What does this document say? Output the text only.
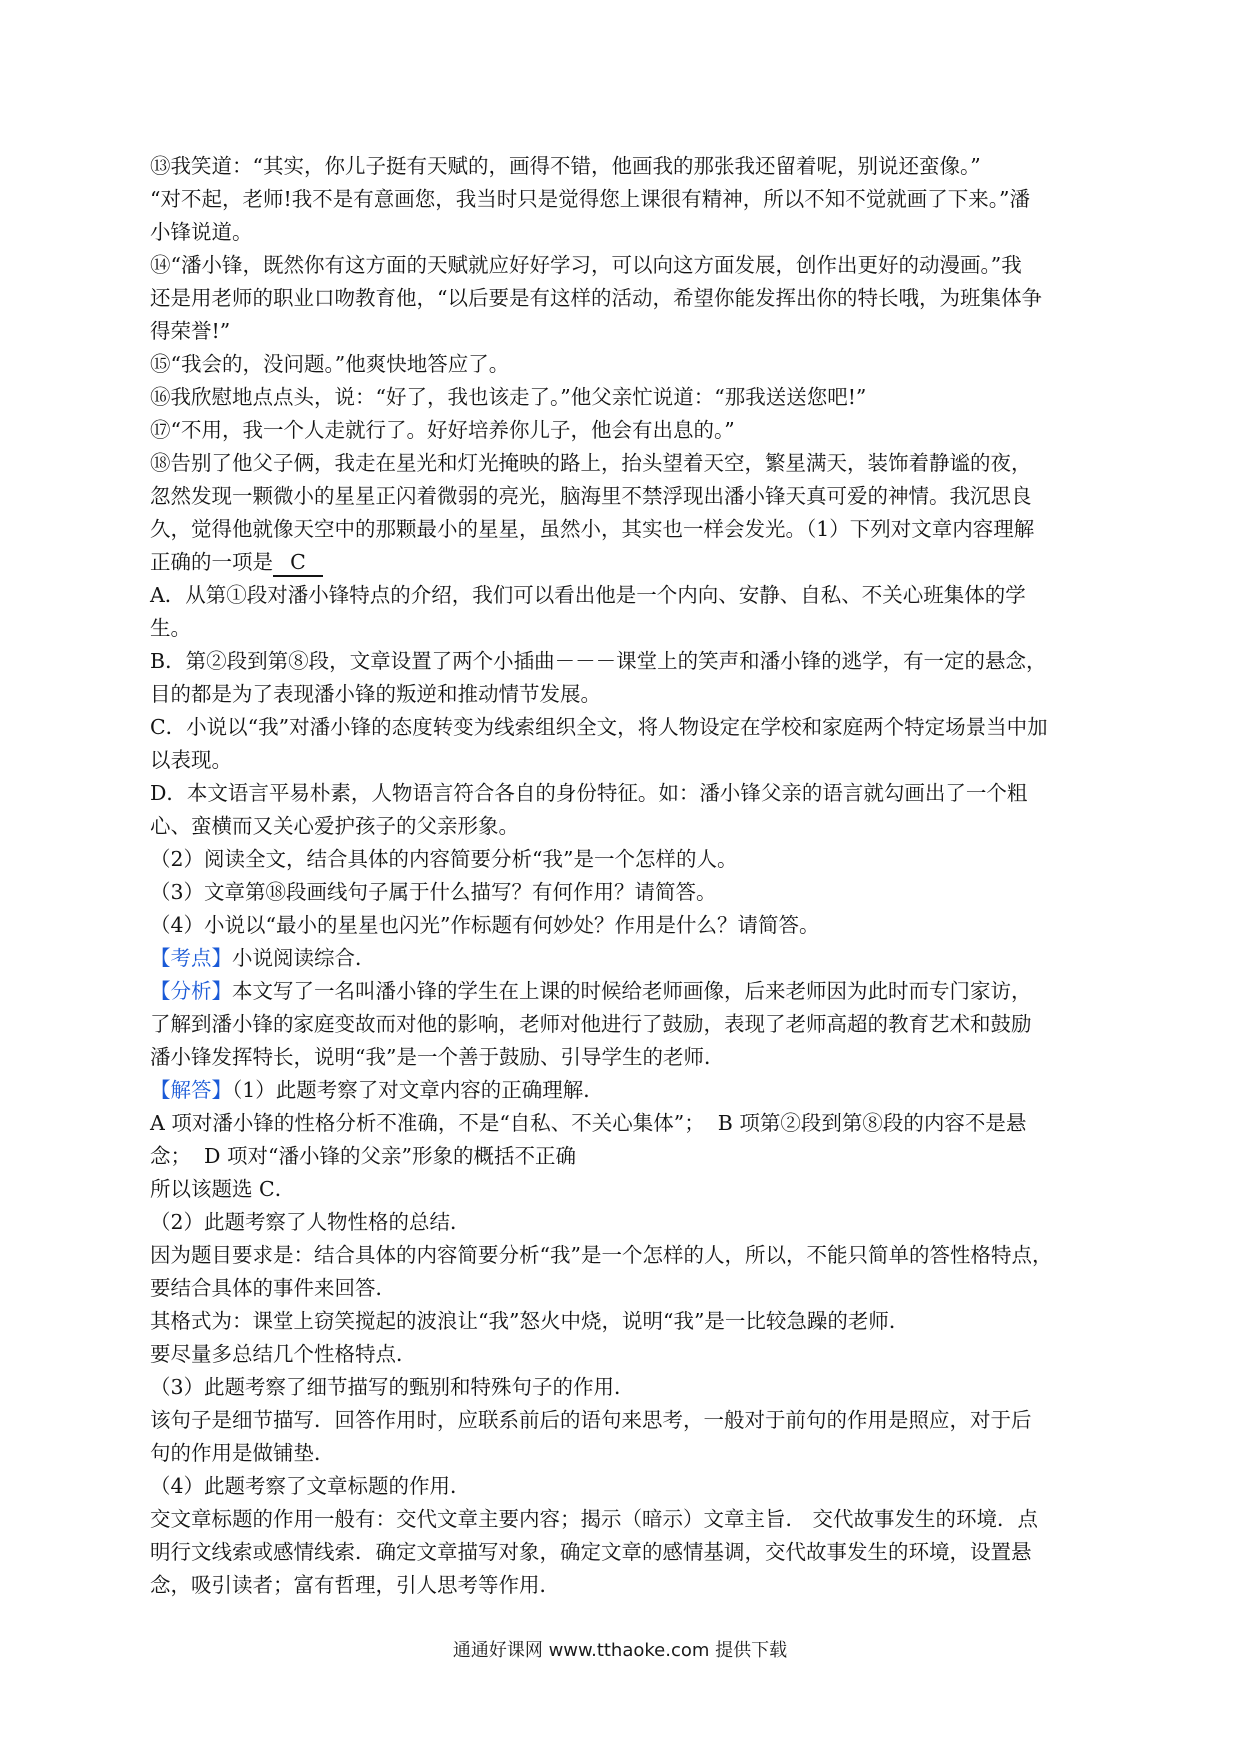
⑬我笑道：“其实，你儿子挺有天赋的，画得不错，他画我的那张我还留着呢，别说还蛮像。”
“对不起，老师!我不是有意画您，我当时只是觉得您上课很有精神，所以不知不觉就画了下来。”潘
小锋说道。
⑭“潘小锋，既然你有这方面的天赋就应好好学习，可以向这方面发展，创作出更好的动漫画。”我
还是用老师的职业口吻教育他，“以后要是有这样的活动，希望你能发挥出你的特长哦，为班集体争
得荣誉!”
⑮“我会的，没问题。”他爽快地答应了。
⑯我欣慰地点点头，说：“好了，我也该走了。”他父亲忙说道：“那我送送您吧!”
⑰“不用，我一个人走就行了。好好培养你儿子，他会有出息的。”
⑱告别了他父子俩，我走在星光和灯光掩映的路上，抬头望着天空，繁星满天，装饰着静谧的夜，
忽然发现一颗微小的星星正闪着微弱的亮光，脑海里不禁浮现出潘小锋天真可爱的神情。我沉思良
久，觉得他就像天空中的那颗最小的星星，虽然小，其实也一样会发光。（1）下列对文章内容理解
正确的一项是 C
A．从第①段对潘小锋特点的介绍，我们可以看出他是一个内向、安静、自私、不关心班集体的学
生。
B．第②段到第⑧段，文章设置了两个小插曲－－－课堂上的笑声和潘小锋的逃学，有一定的悬念，
目的都是为了表现潘小锋的叛逆和推动情节发展。
C．小说以“我”对潘小锋的态度转变为线索组织全文，将人物设定在学校和家庭两个特定场景当中加
以表现。
D．本文语言平易朴素，人物语言符合各自的身份特征。如：潘小锋父亲的语言就勾画出了一个粗
心、蛮横而又关心爱护孩子的父亲形象。
（2）阅读全文，结合具体的内容简要分析“我”是一个怎样的人。
（3）文章第⑱段画线句子属于什么描写？有何作用？请简答。
（4）小说以“最小的星星也闪光”作标题有何妙处？作用是什么？请简答。
【考点】小说阅读综合．
【分析】本文写了一名叫潘小锋的学生在上课的时候给老师画像，后来老师因为此时而专门家访，
了解到潘小锋的家庭变故而对他的影响，老师对他进行了鼓励，表现了老师高超的教育艺术和鼓励
潘小锋发挥特长，说明“我”是一个善于鼓励、引导学生的老师．
【解答】（1）此题考察了对文章内容的正确理解．
A 项对潘小锋的性格分析不准确，不是“自私、不关心集体”；  B 项第②段到第⑧段的内容不是悬
念；  D 项对“潘小锋的父亲”形象的概括不正确
所以该题选 C．
（2）此题考察了人物性格的总结．
因为题目要求是：结合具体的内容简要分析“我”是一个怎样的人，所以，不能只简单的答性格特点，
要结合具体的事件来回答．
其格式为：课堂上窃笑搅起的波浪让“我”怒火中烧，说明“我”是一比较急躁的老师．
要尽量多总结几个性格特点．
（3）此题考察了细节描写的甄别和特殊句子的作用．
该句子是细节描写．回答作用时，应联系前后的语句来思考，一般对于前句的作用是照应，对于后
句的作用是做铺垫．
（4）此题考察了文章标题的作用．
交文章标题的作用一般有：交代文章主要内容；揭示（暗示）文章主旨． 交代故事发生的环境．点
明行文线索或感情线索．确定文章描写对象，确定文章的感情基调，交代故事发生的环境，设置悬
念，吸引读者；富有哲理，引人思考等作用．
通通好课网 www.tthaoke.com 提供下载
